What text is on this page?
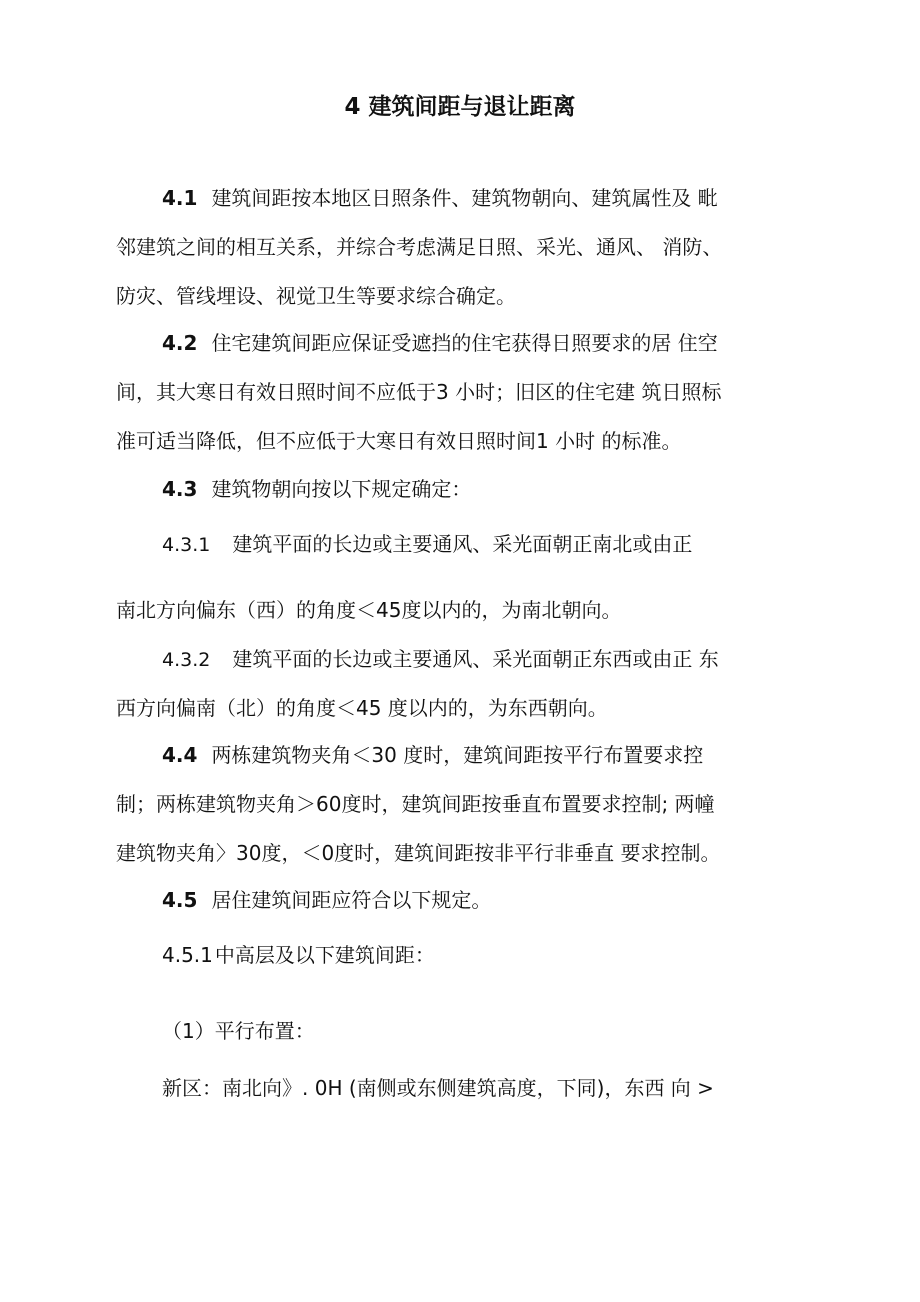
4 建筑间距与退让距离

4.1 建筑间距按本地区日照条件、建筑物朝向、建筑属性及 毗

邻建筑之间的相互关系，并综合考虑满足日照、采光、通风、 消防、

防灾、管线埋设、视觉卫生等要求综合确定。

4.2 住宅建筑间距应保证受遮挡的住宅获得日照要求的居 住空

间，其大寒日有效日照时间不应低于3 小时；旧区的住宅建 筑日照标

准可适当降低，但不应低于大寒日有效日照时间1 小时 的标准。

4.3 建筑物朝向按以下规定确定：

4.3.1 建筑平面的长边或主要通风、采光面朝正南北或由正

南北方向偏东（西）的角度＜45度以内的，为南北朝向。

4.3.2 建筑平面的长边或主要通风、采光面朝正东西或由正 东

西方向偏南（北）的角度＜45 度以内的，为东西朝向。

4.4 两栋建筑物夹角＜30 度时，建筑间距按平行布置要求控

制；两栋建筑物夹角＞60度时，建筑间距按垂直布置要求控制; 两幢

建筑物夹角〉30度，＜0度时，建筑间距按非平行非垂直 要求控制。

4.5 居住建筑间距应符合以下规定。

4.5.1 中高层及以下建筑间距：

（1）平行布置：

新区：南北向》. 0H (南侧或东侧建筑高度，下同)，东西 向 >
